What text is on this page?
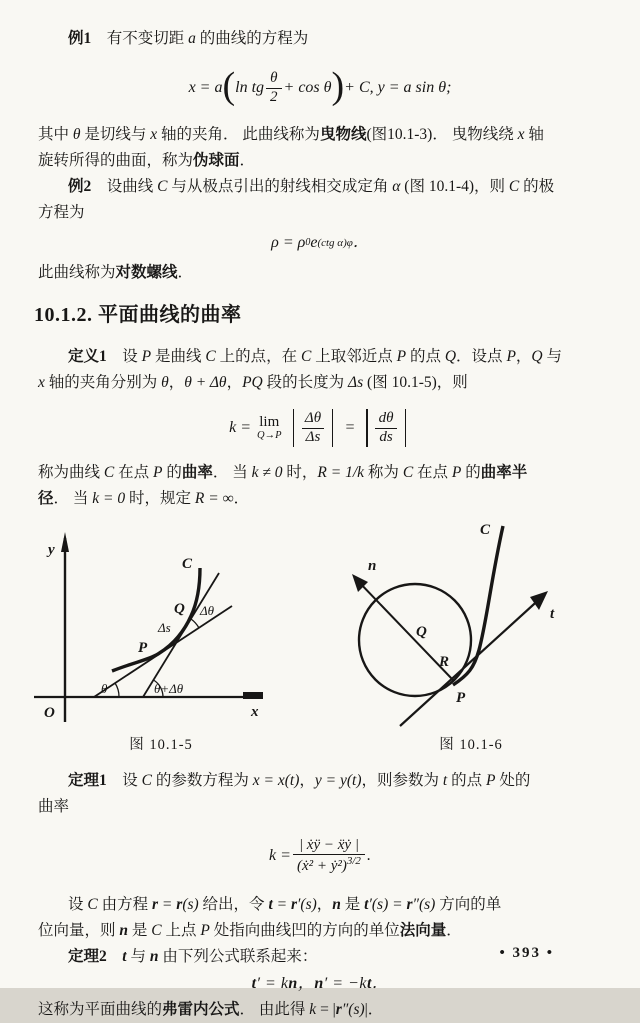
例1　有不变切距 a 的曲线的方程为

x = a ( ln tg $\frac{\theta}{2} + \cos \theta$ ) + C, y = a sin θ;

其中 θ 是切线与 x 轴的夹角． 此曲线称为曳物线(图10.1-3)． 曳物线绕 x 轴

旋转所得的曲面，称为伪球面．

例2　设曲线 C 与从极点引出的射线相交成定角 α (图 10.1-4)，则 C 的极

方程为

ρ = ρ 0 e (ctg α)φ ．

此曲线称为对数螺线．

10.1.2. 平面曲线的曲率

定义1　设 P 是曲线 C 上的点，在 C 上取邻近点 P 的点 Q．设点 P，Q 与

x 轴的夹角分别为 θ，θ + Δθ，PQ 段的长度为 Δs (图 10.1-5)，则

k = lim
$Q\to P \frac{\Delta\theta}{\Delta s} = \frac{d\theta}{ds}$

称为曲线 C 在点 P 的曲率． 当 k ≠ 0 时，R = 1/k 称为 C 在点 P 的曲率半

径． 当 k = 0 时，规定 R = ∞．

y
x
O
C
P
Q
Δs
Δθ
θ	θ+Δθ
图 10.1-5
C
n
t
Q
R
P
图 10.1-6

定理1　设 C 的参数方程为 x = x(t)，y = y(t)，则参数为 t 的点 P 处的

曲率

$k = \frac{\text{| ẋÿ − ẍẏ |}}{(ẋ^2 + ẏ^2)^{3/2}}$ .

设 C 由方程 r = r(s) 给出，令 t = r′(s)，n 是 t′(s) = r″(s) 方向的单

位向量，则 n 是 C 上点 P 处指向曲线凹的方向的单位法向量．

定理2　 t 与 n 由下列公式联系起来：

t ′ = k n ， n ′ = −k t ．

这称为平面曲线的弗雷内公式． 由此得 k = |r″(s)|．

• 393 •
